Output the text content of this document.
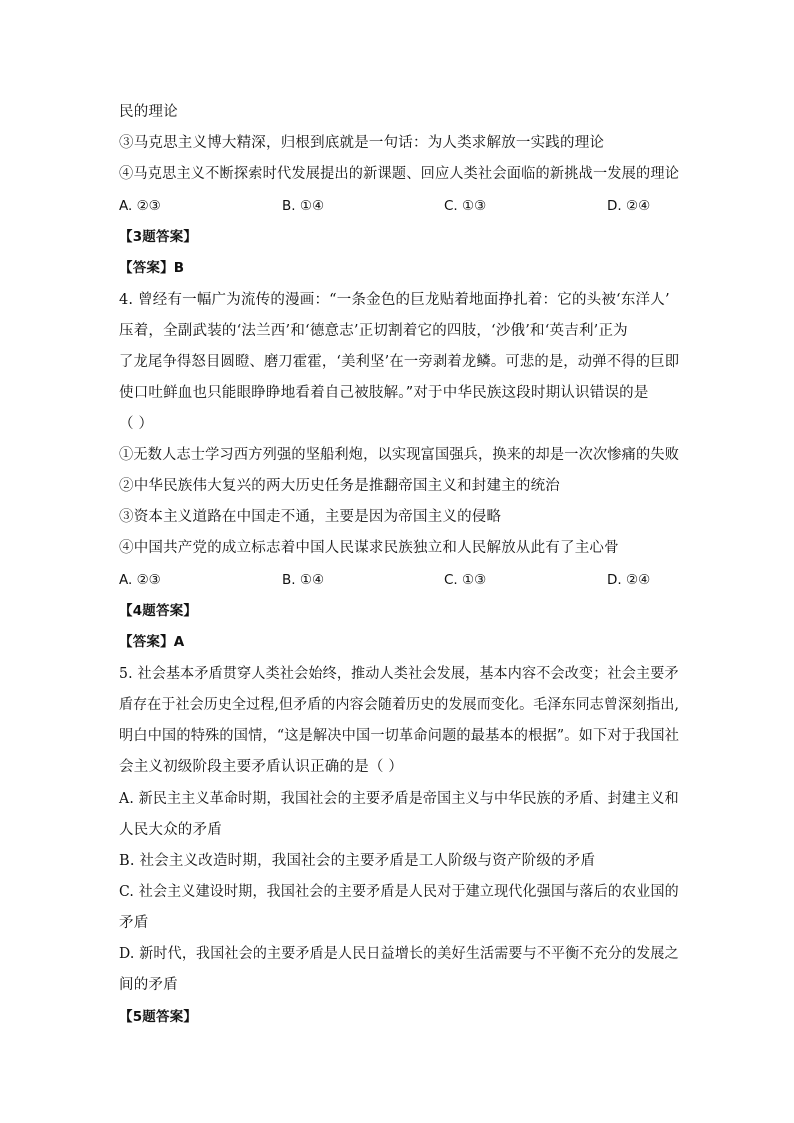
民的理论
③马克思主义博大精深，归根到底就是一句话：为人类求解放一实践的理论
④马克思主义不断探索时代发展提出的新课题、回应人类社会面临的新挑战一发展的理论
A. ②③	B. ①④	C. ①③	D. ②④
【3题答案】
【答案】B
4. 曾经有一幅广为流传的漫画：“一条金色的巨龙贴着地面挣扎着：它的头被‘东洋人’
压着，全副武装的‘法兰西’和‘德意志’正切割着它的四肢，‘沙俄’和‘英吉利’正为
了龙尾争得怒目圆瞪、磨刀霍霍，‘美利坚’在一旁剥着龙鳞。可悲的是，动弹不得的巨即
使口吐鲜血也只能眼睁睁地看着自己被肢解。”对于中华民族这段时期认识错误的是
（ ）
①无数人志士学习西方列强的坚船利炮，以实现富国强兵，换来的却是一次次惨痛的失败
②中华民族伟大复兴的两大历史任务是推翻帝国主义和封建主的统治
③资本主义道路在中国走不通，主要是因为帝国主义的侵略
④中国共产党的成立标志着中国人民谋求民族独立和人民解放从此有了主心骨
A. ②③	B. ①④	C. ①③	D. ②④
【4题答案】
【答案】A
5. 社会基本矛盾贯穿人类社会始终，推动人类社会发展，基本内容不会改变；社会主要矛
盾存在于社会历史全过程,但矛盾的内容会随着历史的发展而变化。毛泽东同志曾深刻指出,
明白中国的特殊的国情，“这是解决中国一切革命问题的最基本的根据”。如下对于我国社
会主义初级阶段主要矛盾认识正确的是（ ）
A. 新民主主义革命时期，我国社会的主要矛盾是帝国主义与中华民族的矛盾、封建主义和
人民大众的矛盾
B. 社会主义改造时期，我国社会的主要矛盾是工人阶级与资产阶级的矛盾
C. 社会主义建设时期，我国社会的主要矛盾是人民对于建立现代化强国与落后的农业国的
矛盾
D. 新时代，我国社会的主要矛盾是人民日益增长的美好生活需要与不平衡不充分的发展之
间的矛盾
【5题答案】
